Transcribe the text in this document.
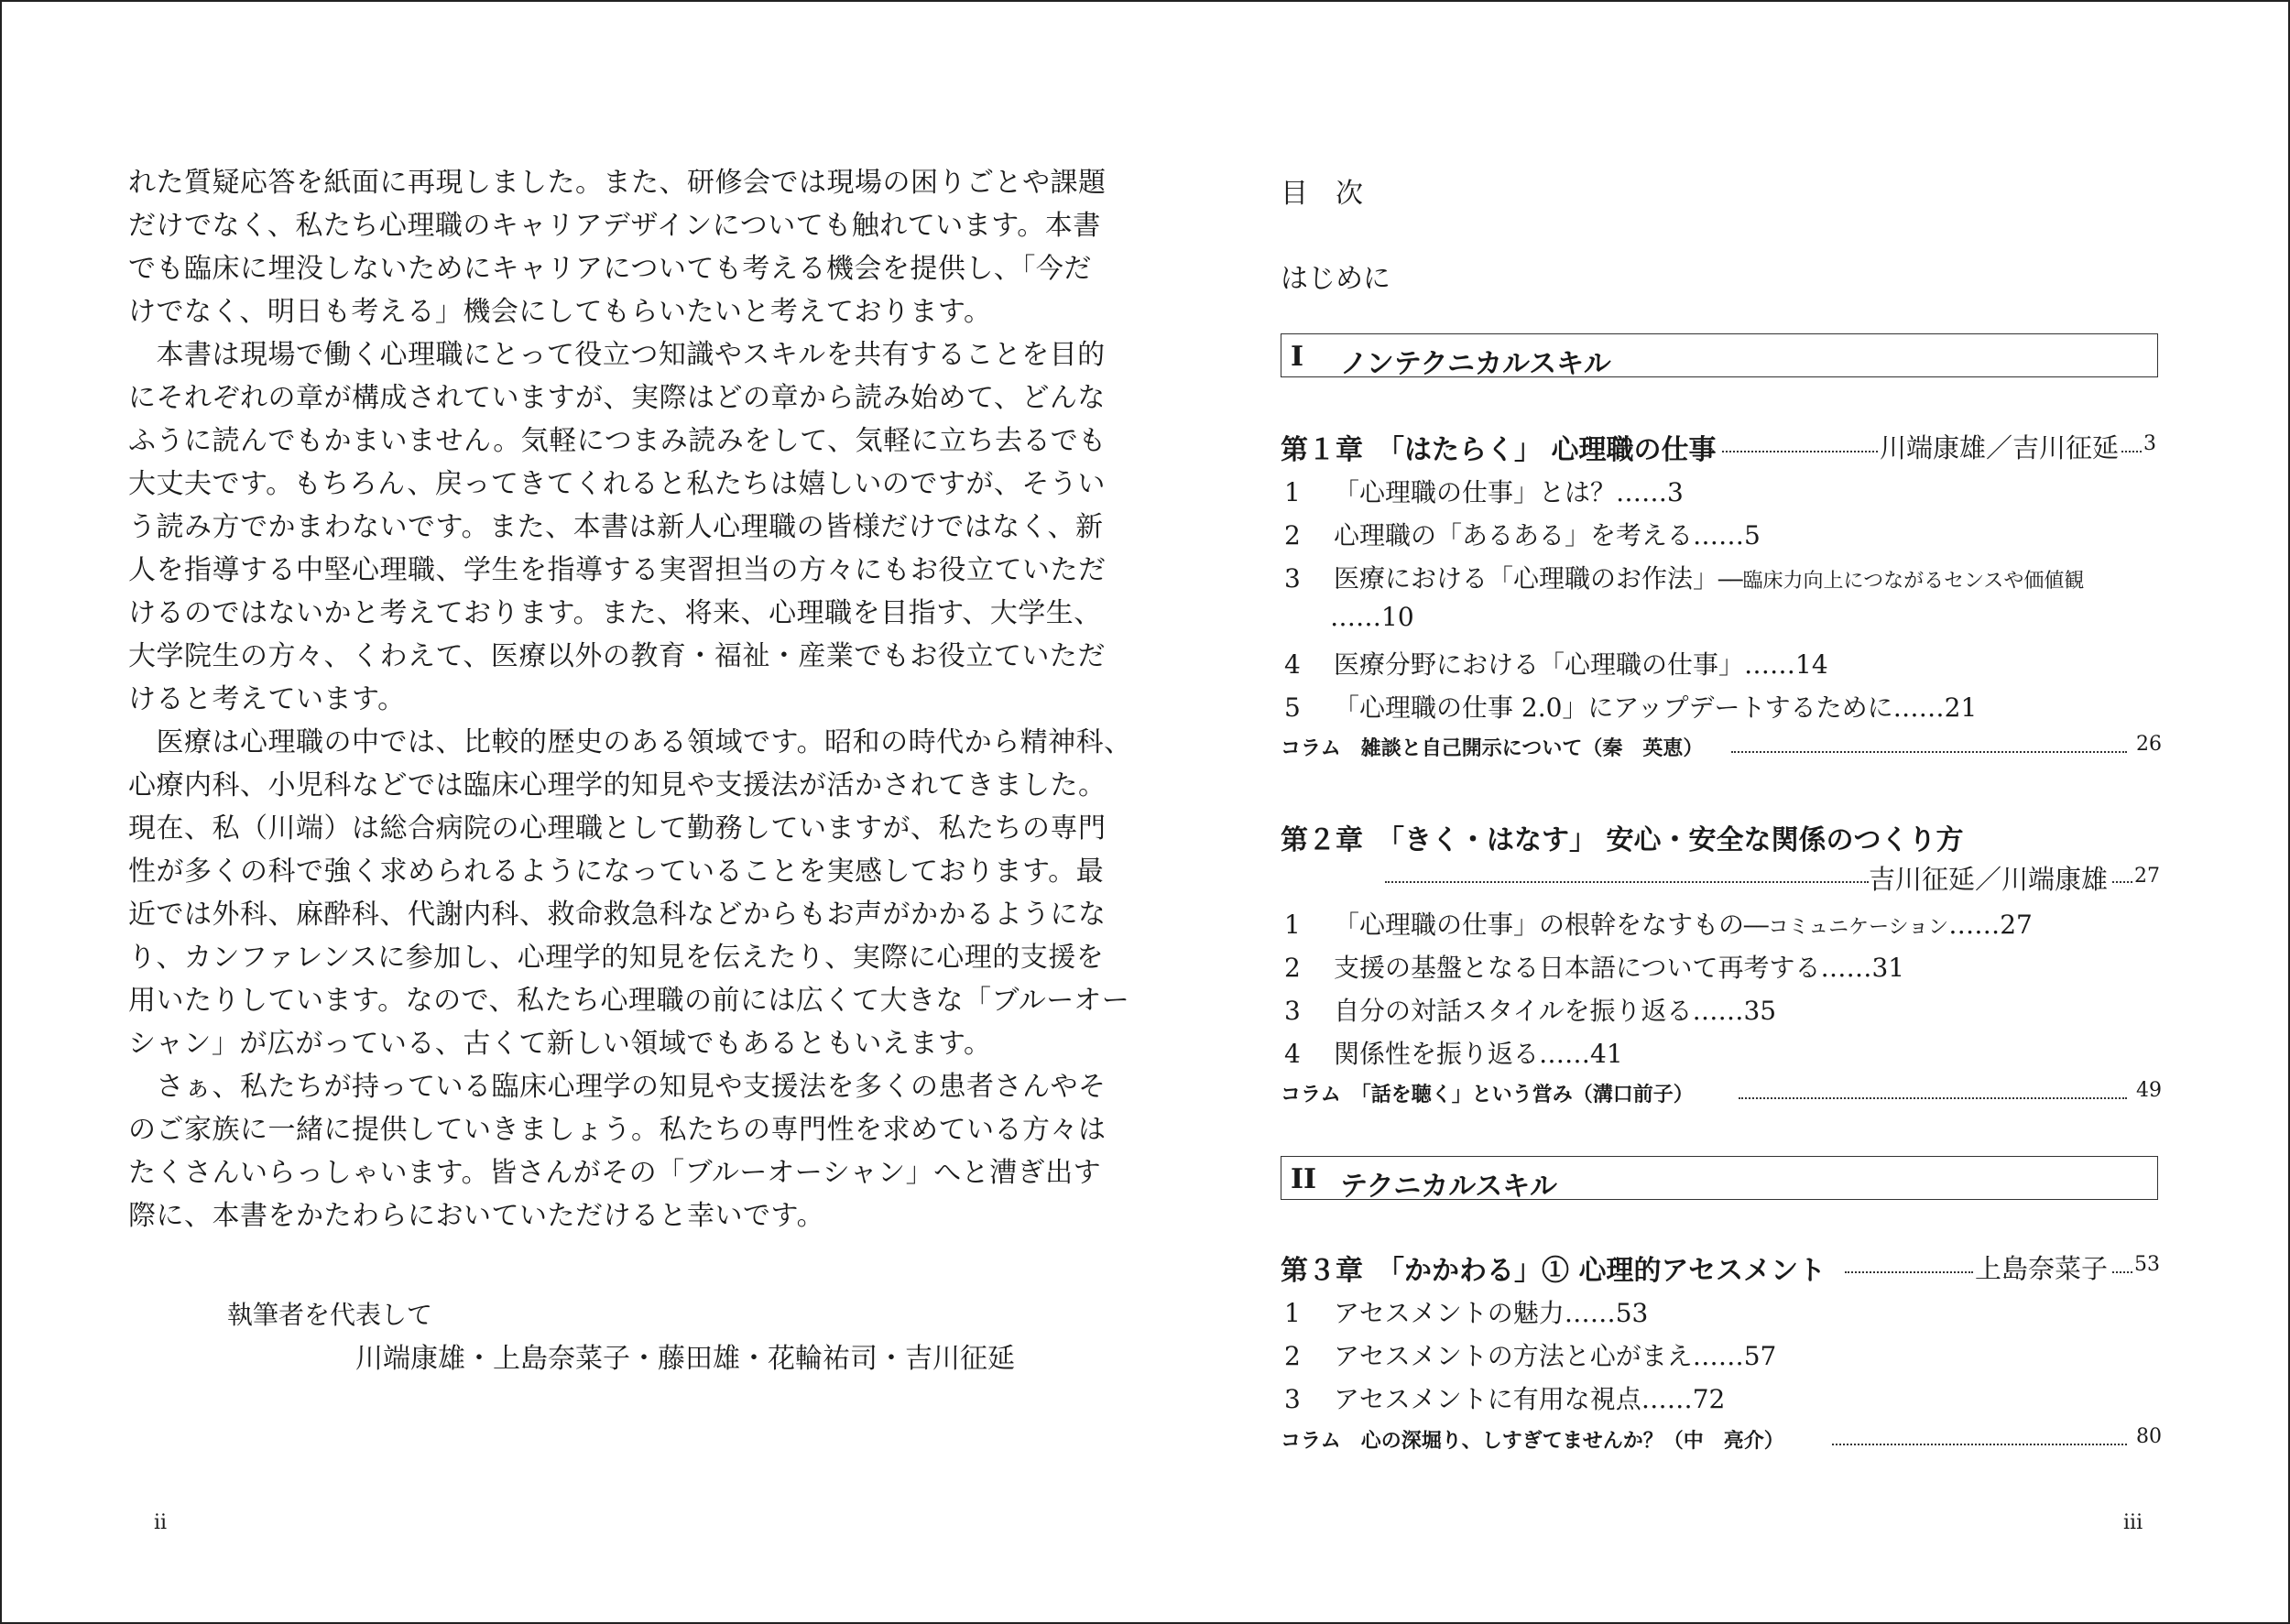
れた質疑応答を紙面に再現しました。また、研修会では現場の困りごとや課題
だけでなく、私たち心理職のキャリアデザインについても触れています。本書
でも臨床に埋没しないためにキャリアについても考える機会を提供し、「今だ
けでなく、明日も考える」機会にしてもらいたいと考えております。
　本書は現場で働く心理職にとって役立つ知識やスキルを共有することを目的
にそれぞれの章が構成されていますが、実際はどの章から読み始めて、どんな
ふうに読んでもかまいません。気軽につまみ読みをして、気軽に立ち去るでも
大丈夫です。もちろん、戻ってきてくれると私たちは嬉しいのですが、そうい
う読み方でかまわないです。また、本書は新人心理職の皆様だけではなく、新
人を指導する中堅心理職、学生を指導する実習担当の方々にもお役立ていただ
けるのではないかと考えております。また、将来、心理職を目指す、大学生、
大学院生の方々、くわえて、医療以外の教育・福祉・産業でもお役立ていただ
けると考えています。
　医療は心理職の中では、比較的歴史のある領域です。昭和の時代から精神科、
心療内科、小児科などでは臨床心理学的知見や支援法が活かされてきました。
現在、私（川端）は総合病院の心理職として勤務していますが、私たちの専門
性が多くの科で強く求められるようになっていることを実感しております。最
近では外科、麻酔科、代謝内科、救命救急科などからもお声がかかるようにな
り、カンファレンスに参加し、心理学的知見を伝えたり、実際に心理的支援を
用いたりしています。なので、私たち心理職の前には広くて大きな「ブルーオー
シャン」が広がっている、古くて新しい領域でもあるともいえます。
　さぁ、私たちが持っている臨床心理学の知見や支援法を多くの患者さんやそ
のご家族に一緒に提供していきましょう。私たちの専門性を求めている方々は
たくさんいらっしゃいます。皆さんがその「ブルーオーシャン」へと漕ぎ出す
際に、本書をかたわらにおいていただけると幸いです。
執筆者を代表して
川端康雄・上島奈菜子・藤田雄・花輪祐司・吉川征延
ii
目　次
はじめに
I ノンテクニカルスキル
第１章　 「はたらく」 心理職の仕事	川端康雄／吉川征延 3
1 「心理職の仕事」とは？……3
2 心理職の「あるある」を考える……5
3 医療における「心理職のお作法」──臨床力向上につながるセンスや価値観
……10
4 医療分野における「心理職の仕事」……14
5 「心理職の仕事 2.0」にアップデートするために……21
コラム　雑談と自己開示について（秦　英恵）	26
第２章　 「きく・はなす」 安心・安全な関係のつくり方
吉川征延／川端康雄 27
1 「心理職の仕事」の根幹をなすもの──コミュニケーション……27
2 支援の基盤となる日本語について再考する……31
3 自分の対話スタイルを振り返る……35
4 関係性を振り返る……41
コラム　「話を聴く」という営み（溝口前子）	49
II テクニカルスキル
第３章　 「かかわる」① 心理的アセスメント	上島奈菜子 53
1 アセスメントの魅力……53
2 アセスメントの方法と心がまえ……57
3 アセスメントに有用な視点……72
コラム　心の深堀り、しすぎてませんか？（中　亮介）	80
iii
